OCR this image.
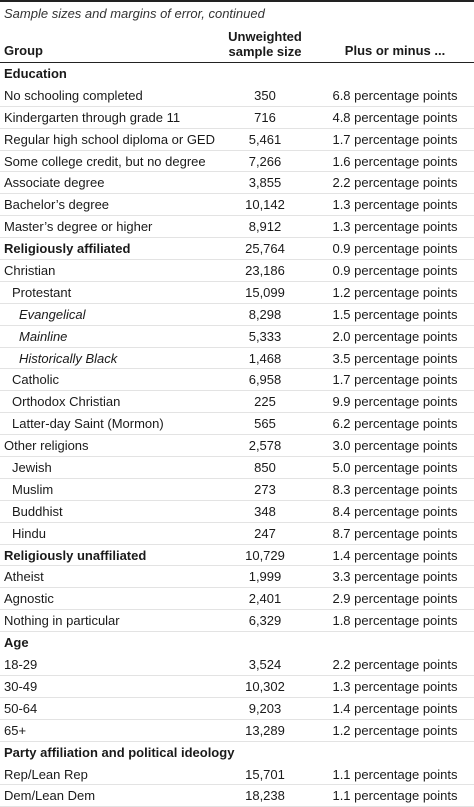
Sample sizes and margins of error, continued
Group
Unweighted
sample size	Plus or minus ...
Education
No schooling completed	350	6.8 percentage points
Kindergarten through grade 11	716	4.8 percentage points
Regular high school diploma or GED	5,461	1.7 percentage points
Some college credit, but no degree	7,266	1.6 percentage points
Associate degree	3,855	2.2 percentage points
Bachelor’s degree	10,142	1.3 percentage points
Master’s degree or higher	8,912	1.3 percentage points
Religiously affiliated	25,764	0.9 percentage points
Christian	23,186	0.9 percentage points
Protestant	15,099	1.2 percentage points
Evangelical	8,298	1.5 percentage points
Mainline	5,333	2.0 percentage points
Historically Black	1,468	3.5 percentage points
Catholic	6,958	1.7 percentage points
Orthodox Christian	225	9.9 percentage points
Latter-day Saint (Mormon)	565	6.2 percentage points
Other religions	2,578	3.0 percentage points
Jewish	850	5.0 percentage points
Muslim	273	8.3 percentage points
Buddhist	348	8.4 percentage points
Hindu	247	8.7 percentage points
Religiously unaffiliated	10,729	1.4 percentage points
Atheist	1,999	3.3 percentage points
Agnostic	2,401	2.9 percentage points
Nothing in particular	6,329	1.8 percentage points
Age
18-29	3,524	2.2 percentage points
30-49	10,302	1.3 percentage points
50-64	9,203	1.4 percentage points
65+	13,289	1.2 percentage points
Party affiliation and political ideology
Rep/Lean Rep	15,701	1.1 percentage points
Dem/Lean Dem	18,238	1.1 percentage points
